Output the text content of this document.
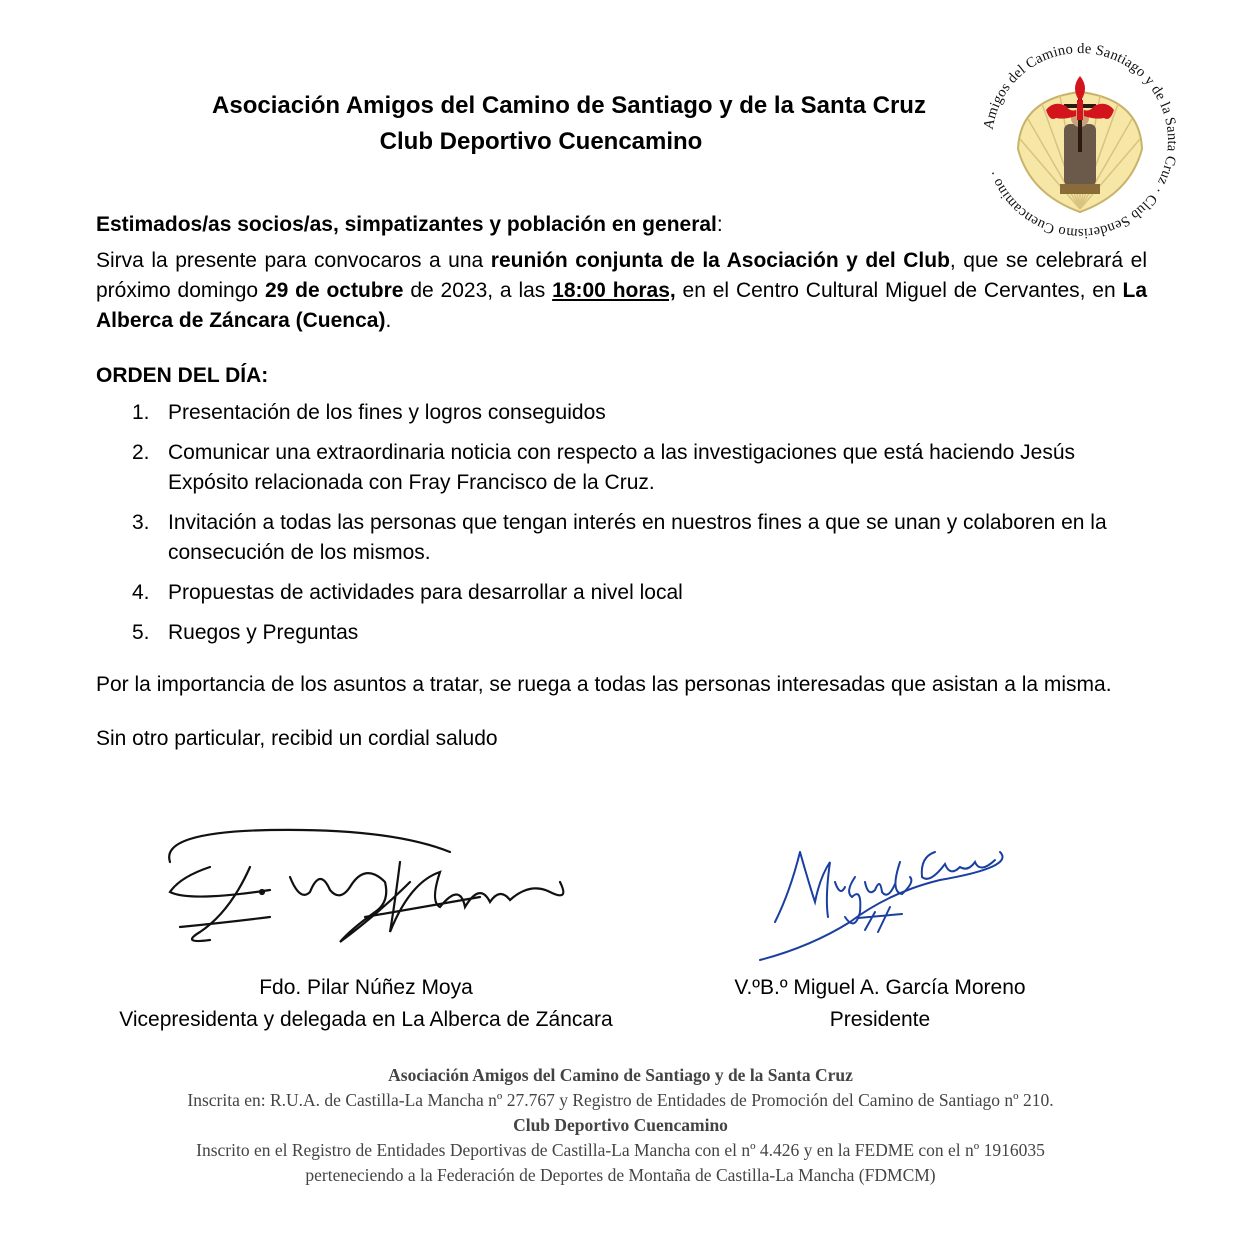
Asociación Amigos del Camino de Santiago y de la Santa Cruz
Club Deportivo Cuencamino
Amigos del Camino de Santiago y de la Santa Cruz · Club Senderismo Cuencamino ·

Estimados/as socios/as, simpatizantes y población en general:

Sirva la presente para convocaros a una reunión conjunta de la Asociación y del Club, que se celebrará el próximo domingo 29 de octubre de 2023, a las 18:00 horas, en el Centro Cultural Miguel de Cervantes, en La Alberca de Záncara (Cuenca).

ORDEN DEL DÍA:

1. Presentación de los fines y logros conseguidos
2. Comunicar una extraordinaria noticia con respecto a las investigaciones que está haciendo Jesús Expósito relacionada con Fray Francisco de la Cruz.
3. Invitación a todas las personas que tengan interés en nuestros fines a que se unan y colaboren en la consecución de los mismos.
4. Propuestas de actividades para desarrollar a nivel local
5. Ruegos y Preguntas

Por la importancia de los asuntos a tratar, se ruega a todas las personas interesadas que asistan a la misma.

Sin otro particular, recibid un cordial saludo

Fdo. Pilar Núñez Moya
Vicepresidenta y delegada en La Alberca de Záncara
V.ºB.º Miguel A. García Moreno
Presidente
Asociación Amigos del Camino de Santiago y de la Santa Cruz
Inscrita en: R.U.A. de Castilla-La Mancha nº 27.767 y Registro de Entidades de Promoción del Camino de Santiago nº 210.
Club Deportivo Cuencamino
Inscrito en el Registro de Entidades Deportivas de Castilla-La Mancha con el nº 4.426 y en la FEDME con el nº 1916035
perteneciendo a la Federación de Deportes de Montaña de Castilla-La Mancha (FDMCM)
